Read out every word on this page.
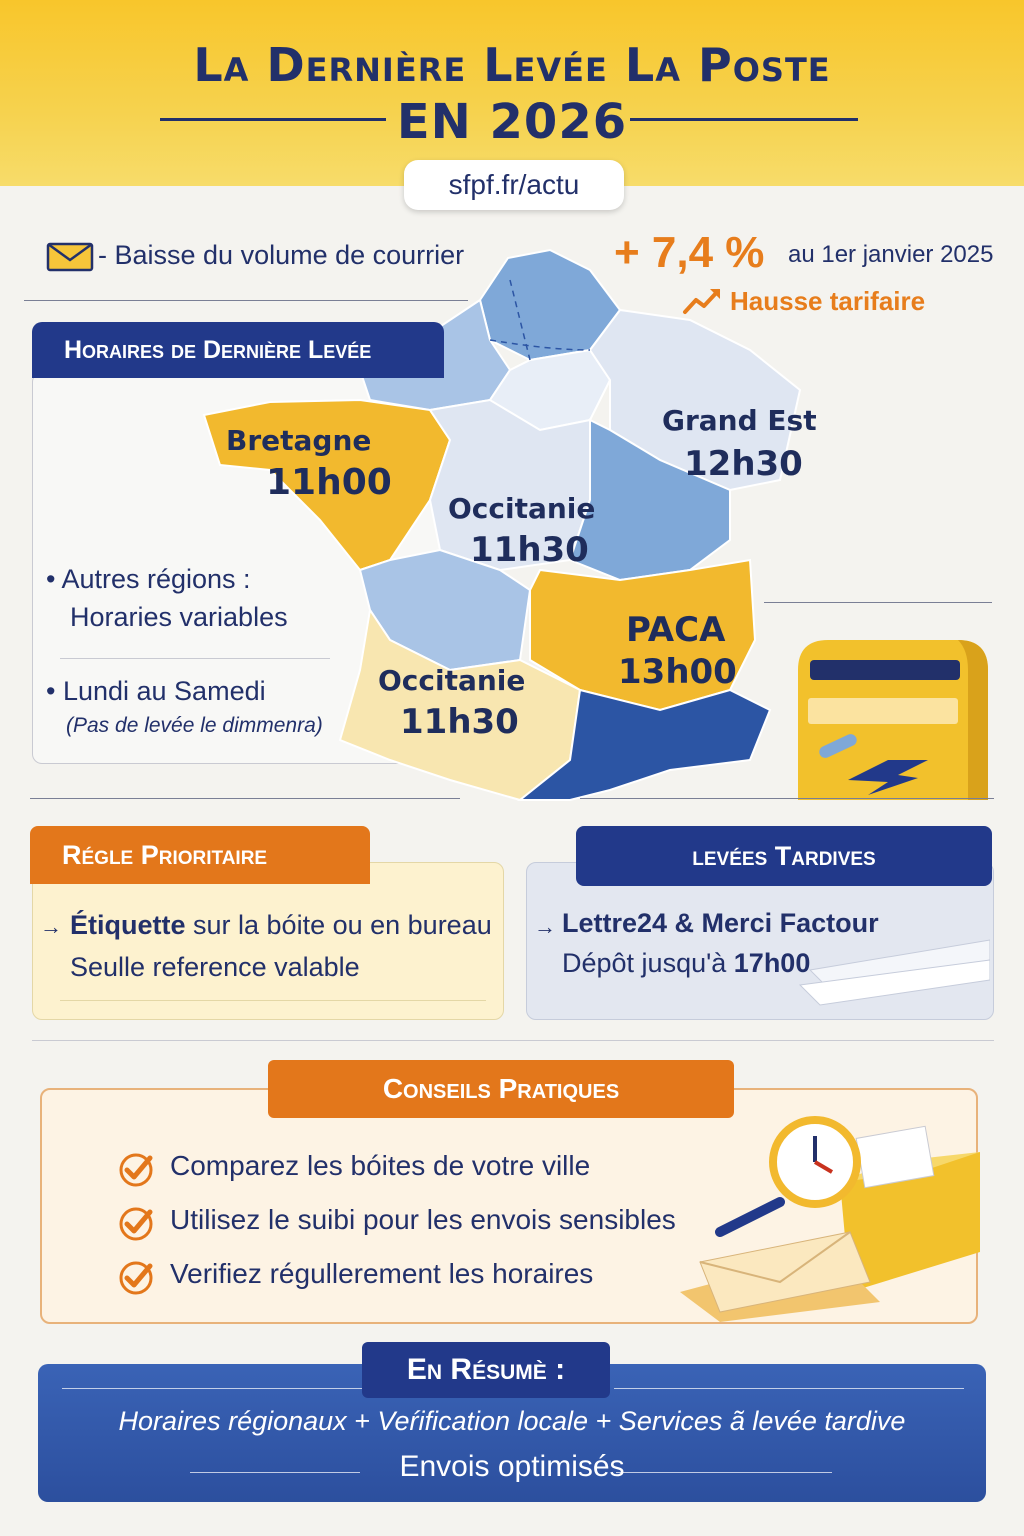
La Dernière Levée La Poste
EN 2026
sfpf.fr/actu
- Baisse du volume de courrier	+ 7,4 % au 1er janvier 2025
Hausse tarifaire
Bretagne
11h00
Grand Est
12h30
Occitanie
11h30
PACA
13h00
Occitanie
11h30
Horaires de Dernière Levée
• Autres régions :
Horaries variables
• Lundi au Samedi
(Pas de levée le dimmenra)
Régle Prioritaire
→ Étiquette sur la bóite ou en bureau
Seulle reference valable
levées Tardives
→ Lettre24 & Merci Factour
Dépôt jusqu'à 17h00
Conseils Pratiques
Comparez les bóites de votre ville
Utilisez le suibi pour les envois sensibles
Verifiez régullerement les horaires
En Résumè :
Horaires régionaux + Veŕification locale + Services ã levée tardive
Envois optimisés
